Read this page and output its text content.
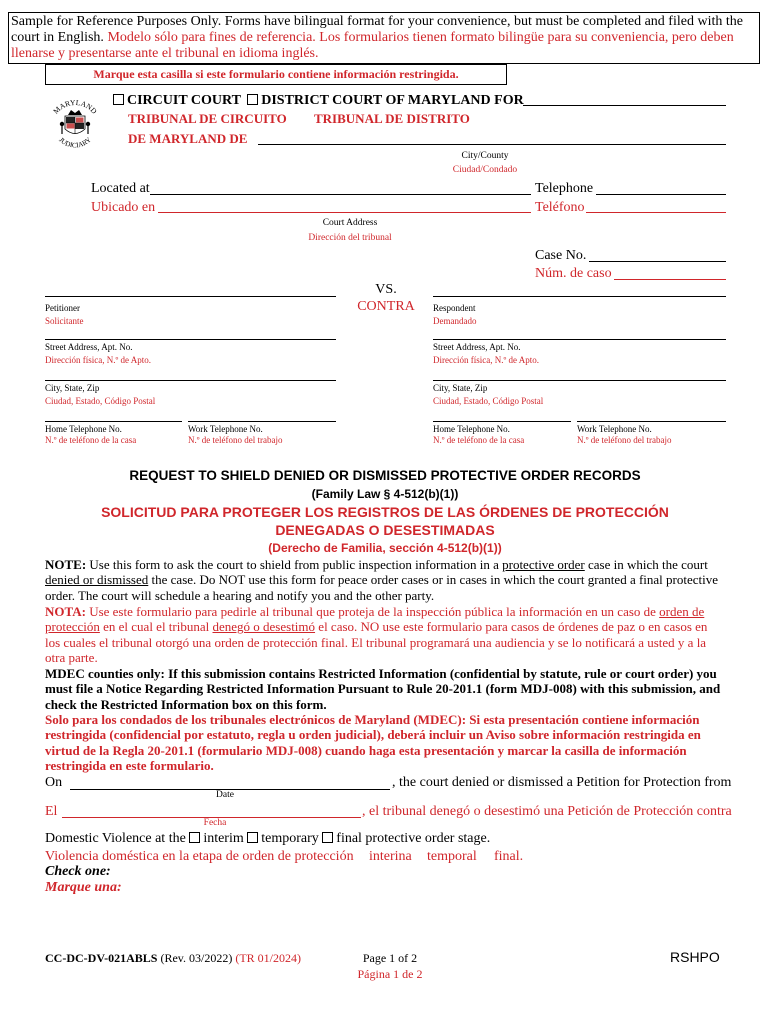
Sample for Reference Purposes Only. Forms have bilingual format for your convenience, but must be completed and filed with the court in English. Modelo sólo para fines de referencia. Los formularios tienen formato bilingüe para su conveniencia, pero deben llenarse y presentarse ante el tribunal en idioma inglés.
Marque esta casilla si este formulario contiene información restringida.
MARYLAND
JUDICIARY
CIRCUIT COURT DISTRICT COURT OF MARYLAND FOR
TRIBUNAL DE CIRCUITO TRIBUNAL DE DISTRITO
DE MARYLAND DE
City/County
Ciudad/Condado
Located at	Telephone
Ubicado en	Teléfono
Court Address
Dirección del tribunal
Case No.
Núm. de caso
VS.
CONTRA
Petitioner
Solicitante
Respondent
Demandado
Street Address, Apt. No.
Dirección física, N.º de Apto.
Street Address, Apt. No.
Dirección física, N.º de Apto.
City, State, Zip
Ciudad, Estado, Código Postal
City, State, Zip
Ciudad, Estado, Código Postal
Home Telephone No.
N.º de teléfono de la casa
Work Telephone No.
N.º de teléfono del trabajo
Home Telephone No.
N.º de teléfono de la casa
Work Telephone No.
N.º de teléfono del trabajo
REQUEST TO SHIELD DENIED OR DISMISSED PROTECTIVE ORDER RECORDS
(Family Law § 4-512(b)(1))
SOLICITUD PARA PROTEGER LOS REGISTROS DE LAS ÓRDENES DE PROTECCIÓN
DENEGADAS O DESESTIMADAS
(Derecho de Familia, sección 4-512(b)(1))
NOTE: Use this form to ask the court to shield from public inspection information in a protective order case in which the court denied or dismissed the case. Do NOT use this form for peace order cases or in cases in which the court granted a final protective order. The court will schedule a hearing and notify you and the other party.
NOTA: Use este formulario para pedirle al tribunal que proteja de la inspección pública la información en un caso de orden de protección en el cual el tribunal denegó o desestimó el caso. NO use este formulario para casos de órdenes de paz o en casos en los cuales el tribunal otorgó una orden de protección final. El tribunal programará una audiencia y se lo notificará a usted y a la otra parte.
MDEC counties only: If this submission contains Restricted Information (confidential by statute, rule or court order) you must file a Notice Regarding Restricted Information Pursuant to Rule 20-201.1 (form MDJ-008) with this submission, and check the Restricted Information box on this form.
Solo para los condados de los tribunales electrónicos de Maryland (MDEC): Si esta presentación contiene información restringida (confidencial por estatuto, regla u orden judicial), deberá incluir un Aviso sobre información restringida en virtud de la Regla 20-201.1 (formulario MDJ-008) cuando haga esta presentación y marcar la casilla de información restringida en este formulario.
On	, the court denied or dismissed a Petition for Protection from
Date
El	, el tribunal denegó o desestimó una Petición de Protección contra
Fecha
Domestic Violence at the interim temporary final protective order stage.
Violencia doméstica en la etapa de orden de protección interina temporal final.
Check one:
Marque una:
CC-DC-DV-021ABLS (Rev. 03/2022) (TR 01/2024)	Page 1 of 2
Página 1 de 2
RSHPO
